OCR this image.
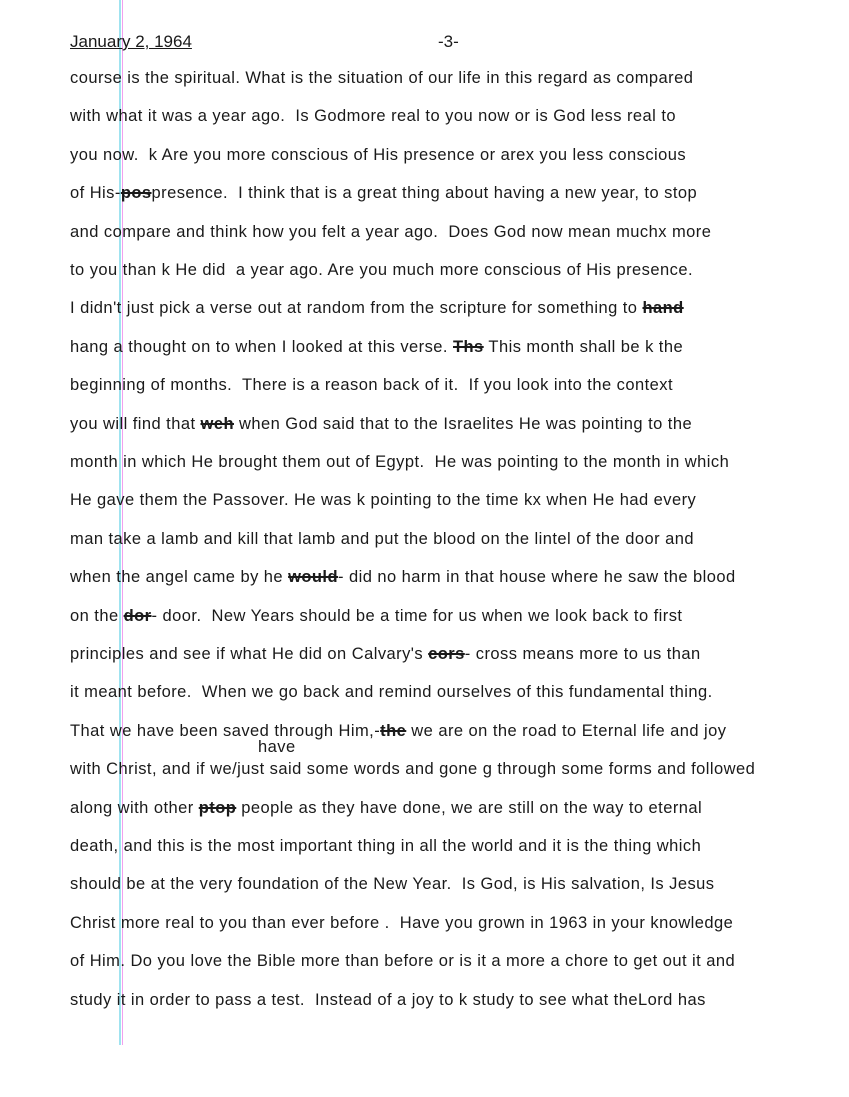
January 2, 1964	-3-
have
course is the spiritual. What is the situation of our life in this regard as compared
with what it was a year ago.  Is Godmore real to you now or is God less real to
you now.  k Are you more conscious of His presence or arex you less conscious
of His-pospresence.  I think that is a great thing about having a new year, to stop
and compare and think how you felt a year ago.  Does God now mean muchx more
to you than k He did  a year ago. Are you much more conscious of His presence.
I didn't just pick a verse out at random from the scripture for something to hand
hang a thought on to when I looked at this verse. Ths This month shall be k the
beginning of months.  There is a reason back of it.  If you look into the context
you will find that weh when God said that to the Israelites He was pointing to the
month in which He brought them out of Egypt.  He was pointing to the month in which
He gave them the Passover. He was k pointing to the time kx when He had every
man take a lamb and kill that lamb and put the blood on the lintel of the door and
when the angel came by he would- did no harm in that house where he saw the blood
on the dor- door.  New Years should be a time for us when we look back to first
principles and see if what He did on Calvary's cors- cross means more to us than
it meant before.  When we go back and remind ourselves of this fundamental thing.
That we have been saved through Him,-the we are on the road to Eternal life and joy
with Christ, and if we/just said some words and gone g through some forms and followed
along with other ptop people as they have done, we are still on the way to eternal
death, and this is the most important thing in all the world and it is the thing which
should be at the very foundation of the New Year.  Is God, is His salvation, Is Jesus
Christ more real to you than ever before .  Have you grown in 1963 in your knowledge
of Him. Do you love the Bible more than before or is it a more a chore to get out it and
study it in order to pass a test.  Instead of a joy to k study to see what theLord has
